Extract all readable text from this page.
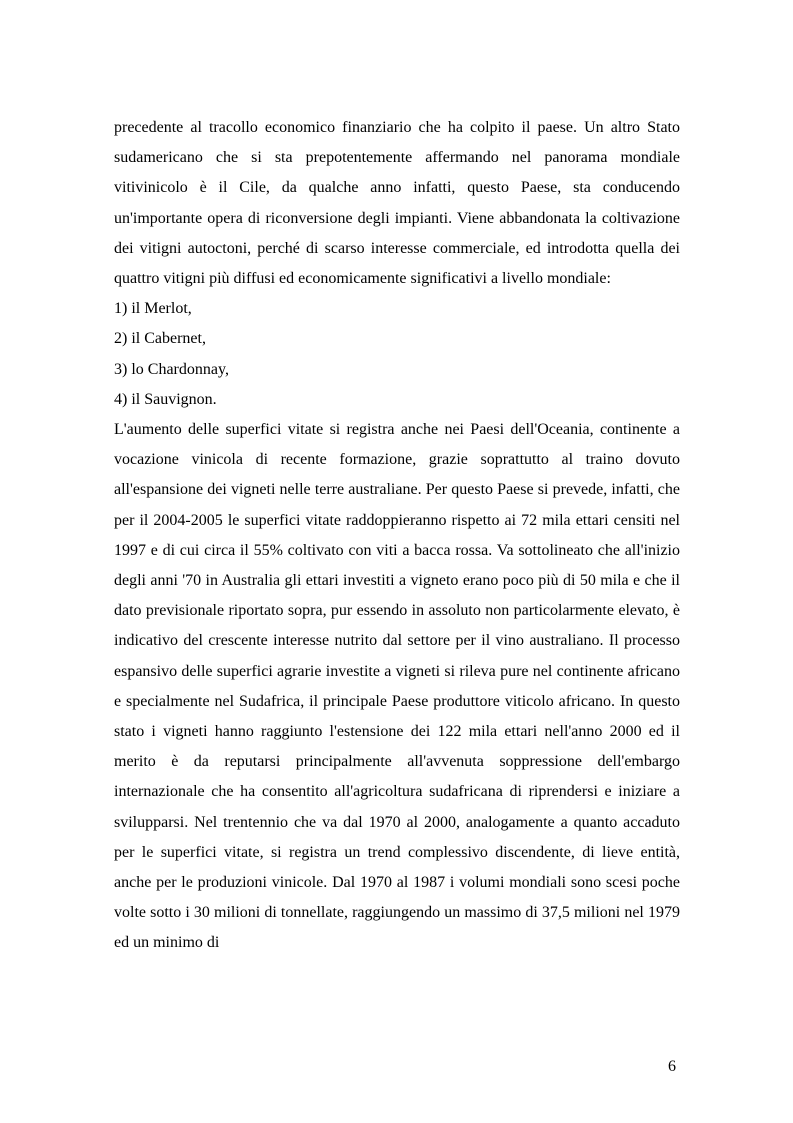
precedente al tracollo economico finanziario che ha colpito il paese. Un altro Stato sudamericano che si sta prepotentemente affermando nel panorama mondiale vitivinicolo è il Cile, da qualche anno infatti, questo Paese, sta conducendo un'importante opera di riconversione degli impianti. Viene abbandonata la coltivazione dei vitigni autoctoni, perché di scarso interesse commerciale, ed introdotta quella dei quattro vitigni più diffusi ed economicamente significativi a livello mondiale:

1) il Merlot,
2) il Cabernet,
3) lo Chardonnay,
4) il Sauvignon.

L'aumento delle superfici vitate si registra anche nei Paesi dell'Oceania, continente a vocazione vinicola di recente formazione, grazie soprattutto al traino dovuto all'espansione dei vigneti nelle terre australiane. Per questo Paese si prevede, infatti, che per il 2004-2005 le superfici vitate raddoppieranno rispetto ai 72 mila ettari censiti nel 1997 e di cui circa il 55% coltivato con viti a bacca rossa. Va sottolineato che all'inizio degli anni '70 in Australia gli ettari investiti a vigneto erano poco più di 50 mila e che il dato previsionale riportato sopra, pur essendo in assoluto non particolarmente elevato, è indicativo del crescente interesse nutrito dal settore per il vino australiano. Il processo espansivo delle superfici agrarie investite a vigneti si rileva pure nel continente africano e specialmente nel Sudafrica, il principale Paese produttore viticolo africano. In questo stato i vigneti hanno raggiunto l'estensione dei 122 mila ettari nell'anno 2000 ed il merito è da reputarsi principalmente all'avvenuta soppressione dell'embargo internazionale che ha consentito all'agricoltura sudafricana di riprendersi e iniziare a svilupparsi. Nel trentennio che va dal 1970 al 2000, analogamente a quanto accaduto per le superfici vitate, si registra un trend complessivo discendente, di lieve entità, anche per le produzioni vinicole. Dal 1970 al 1987 i volumi mondiali sono scesi poche volte sotto i 30 milioni di tonnellate, raggiungendo un massimo di 37,5 milioni nel 1979 ed un minimo di

6
